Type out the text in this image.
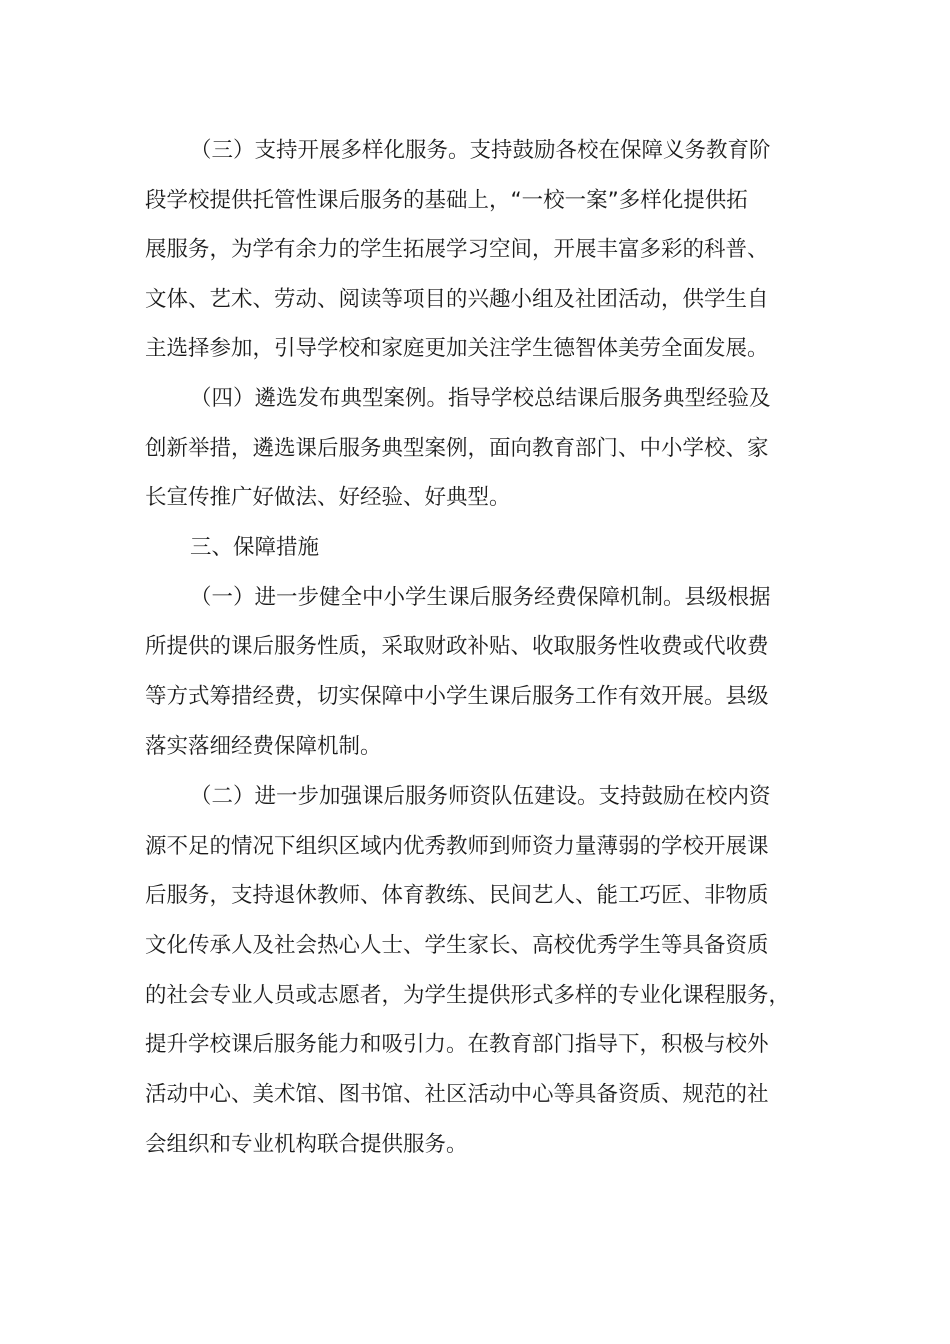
（三）支持开展多样化服务。支持鼓励各校在保障义务教育阶
段学校提供托管性课后服务的基础上，“一校一案”多样化提供拓
展服务，为学有余力的学生拓展学习空间，开展丰富多彩的科普、
文体、艺术、劳动、阅读等项目的兴趣小组及社团活动，供学生自
主选择参加，引导学校和家庭更加关注学生德智体美劳全面发展。
（四）遴选发布典型案例。指导学校总结课后服务典型经验及
创新举措，遴选课后服务典型案例，面向教育部门、中小学校、家
长宣传推广好做法、好经验、好典型。
三、保障措施
（一）进一步健全中小学生课后服务经费保障机制。县级根据
所提供的课后服务性质，采取财政补贴、收取服务性收费或代收费
等方式筹措经费，切实保障中小学生课后服务工作有效开展。县级
落实落细经费保障机制。
（二）进一步加强课后服务师资队伍建设。支持鼓励在校内资
源不足的情况下组织区域内优秀教师到师资力量薄弱的学校开展课
后服务，支持退休教师、体育教练、民间艺人、能工巧匠、非物质
文化传承人及社会热心人士、学生家长、高校优秀学生等具备资质
的社会专业人员或志愿者，为学生提供形式多样的专业化课程服务，
提升学校课后服务能力和吸引力。在教育部门指导下，积极与校外
活动中心、美术馆、图书馆、社区活动中心等具备资质、规范的社
会组织和专业机构联合提供服务。
